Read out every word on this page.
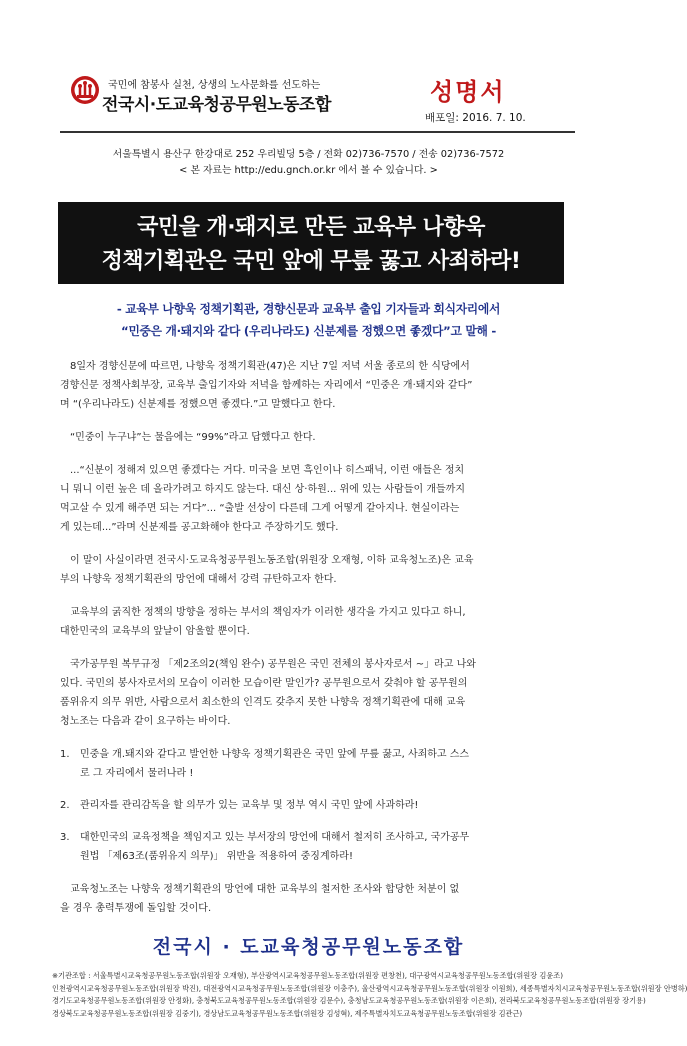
국민에 참봉사 실천, 상생의 노사문화를 선도하는
전국시·도교육청공무원노동조합	성명서
배포일: 2016. 7. 10.
서울특별시 용산구 한강대로 252 우리빌딩 5층 / 전화 02)736-7570 / 전송 02)736-7572
< 본 자료는 http://edu.gnch.or.kr 에서 볼 수 있습니다. >
국민을 개·돼지로 만든 교육부 나향욱
정책기획관은 국민 앞에 무릎 꿇고 사죄하라!
- 교육부 나향욱 정책기획관, 경향신문과 교육부 출입 기자들과 회식자리에서
“민중은 개·돼지와 같다 (우리나라도) 신분제를 정했으면 좋겠다”고 말해 -
8일자 경향신문에 따르면, 나향욱 정책기획관(47)은 지난 7일 저녁 서울 종로의 한 식당에서
경향신문 정책사회부장, 교육부 출입기자와 저녁을 함께하는 자리에서 “민중은 개·돼지와 같다”
며 “(우리나라도) 신분제를 정했으면 좋겠다.”고 말했다고 한다.
“민중이 누구냐”는 물음에는 “99%”라고 답했다고 한다.
...“신분이 정해져 있으면 좋겠다는 거다. 미국을 보면 흑인이나 히스패닉, 이런 애들은 정치
니 뭐니 이런 높은 데 올라가려고 하지도 않는다. 대신 상·하원... 위에 있는 사람들이 개들까지
먹고살 수 있게 해주면 되는 거다”... “출발 선상이 다른데 그게 어떻게 같아지나. 현실이라는
게 있는데...”라며 신분제를 공고화해야 한다고 주장하기도 했다.
이 말이 사실이라면 전국시·도교육청공무원노동조합(위원장 오재형, 이하 교육청노조)은 교육
부의 나향욱 정책기획관의 망언에 대해서 강력 규탄하고자 한다.
교육부의 굵직한 정책의 방향을 정하는 부서의 책임자가 이러한 생각을 가지고 있다고 하니,
대한민국의 교육부의 앞날이 암울할 뿐이다.
국가공무원 복무규정 「제2조의2(책임 완수) 공무원은 국민 전체의 봉사자로서 ~」라고 나와
있다. 국민의 봉사자로서의 모습이 이러한 모습이란 말인가? 공무원으로서 갖춰야 할 공무원의
품위유지 의무 위반, 사람으로서 최소한의 인격도 갖추지 못한 나향욱 정책기획관에 대해 교육
청노조는 다음과 같이 요구하는 바이다.
1. 민중을 개.돼지와 같다고 발언한 나향욱 정책기획관은 국민 앞에 무릎 꿇고, 사죄하고 스스
로 그 자리에서 물러나라 !
2. 관리자를 관리감독을 할 의무가 있는 교육부 및 정부 역시 국민 앞에 사과하라!
3. 대한민국의 교육정책을 책임지고 있는 부서장의 망언에 대해서 철저히 조사하고, 국가공무
원법 「제63조(품위유지 의무)」 위반을 적용하여 중징계하라!
교육청노조는 나향욱 정책기획관의 망언에 대한 교육부의 철저한 조사와 합당한 처분이 없
을 경우 총력투쟁에 돌입할 것이다.
전국시 · 도교육청공무원노동조합
※기관조합 : 서울특별시교육청공무원노동조합(위원장 오재형), 부산광역시교육청공무원노동조합(위원장 편창천), 대구광역시교육청공무원노동조합(위원장 김윤조)
인천광역시교육청공무원노동조합(위원장 박진), 대전광역시교육청공무원노동조합(위원장 이충주), 울산광역시교육청공무원노동조합(위원장 이원희), 세종특별자치시교육청공무원노동조합(위원장 안병하)
경기도교육청공무원노동조합(위원장 안정화), 충청북도교육청공무원노동조합(위원장 김문수), 충청남도교육청공무원노동조합(위원장 이은희), 전라북도교육청공무원노동조합(위원장 장기용)
경상북도교육청공무원노동조합(위원장 김중기), 경상남도교육청공무원노동조합(위원장 김성혁), 제주특별자치도교육청공무원노동조합(위원장 김관근)
